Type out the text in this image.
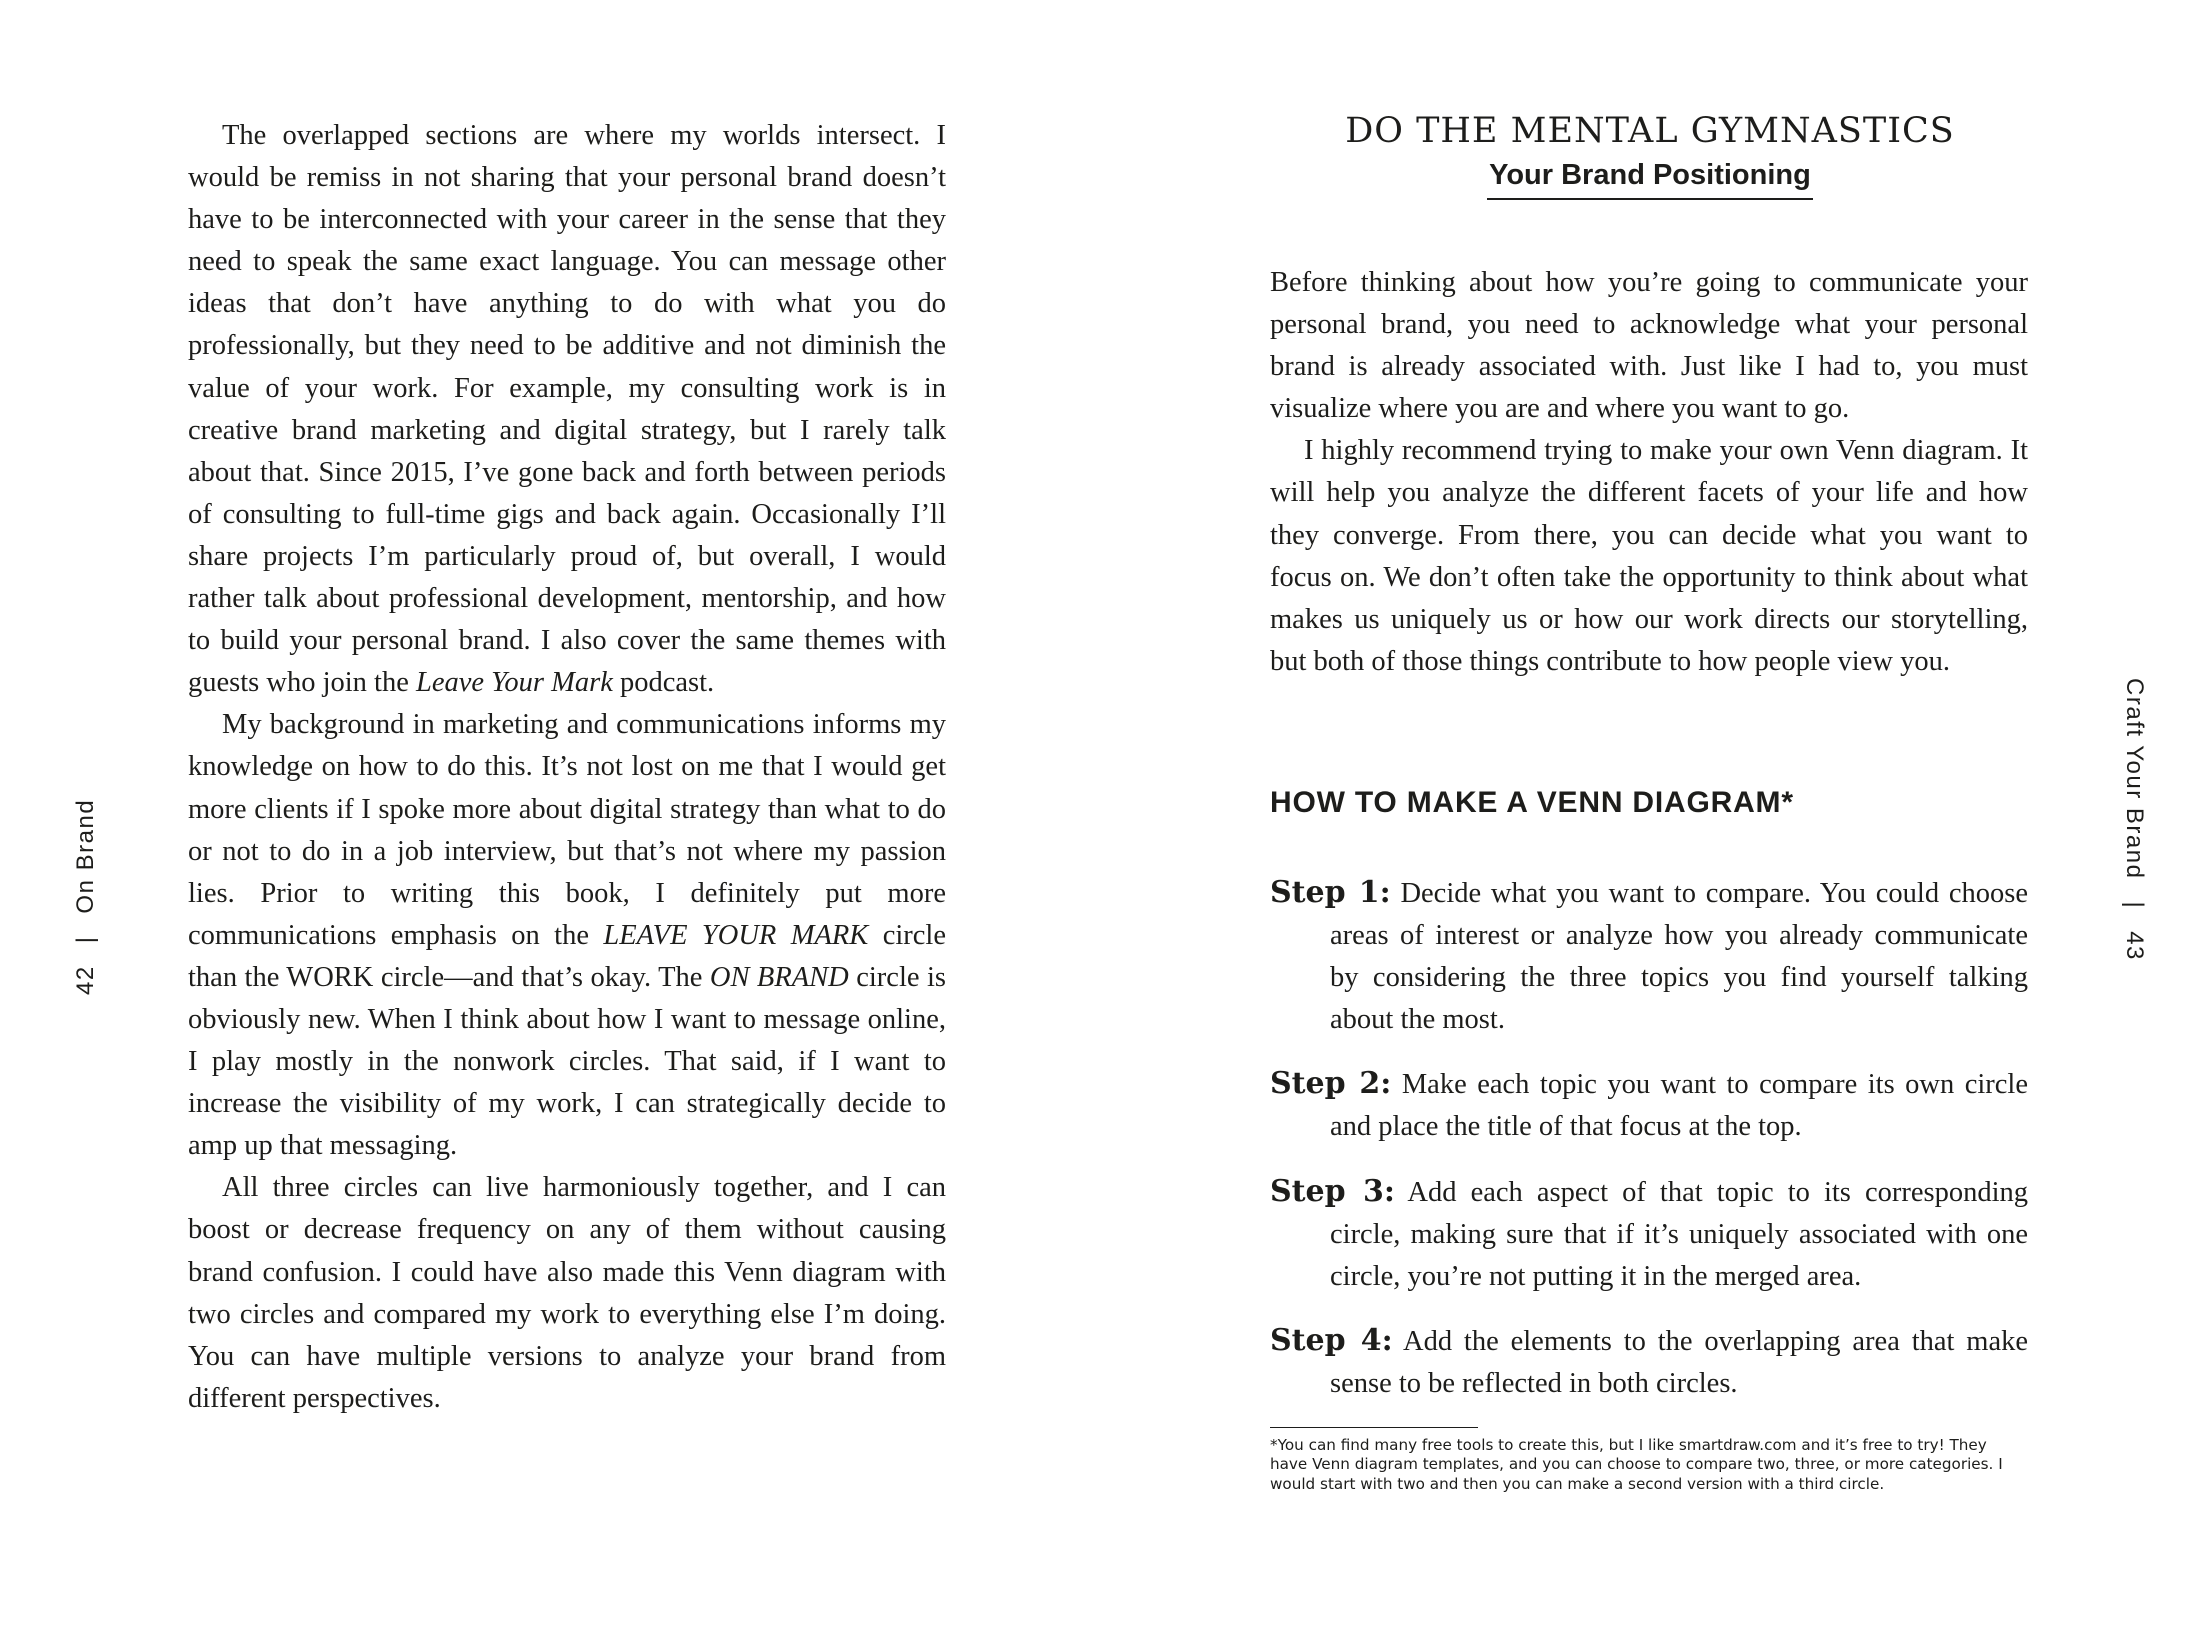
42|On Brand

The overlapped sections are where my worlds intersect. I would be remiss in not sharing that your personal brand doesn’t have to be interconnected with your career in the sense that they need to speak the same exact language. You can message other ideas that don’t have anything to do with what you do professionally, but they need to be additive and not diminish the value of your work. For example, my consulting work is in creative brand marketing and digital strategy, but I rarely talk about that. Since 2015, I’ve gone back and forth between periods of consulting to full-time gigs and back again. Occasionally I’ll share projects I’m particularly proud of, but overall, I would rather talk about professional development, mentorship, and how to build your personal brand. I also cover the same themes with guests who join the Leave Your Mark podcast.

My background in marketing and communications informs my knowledge on how to do this. It’s not lost on me that I would get more clients if I spoke more about digital strategy than what to do or not to do in a job interview, but that’s not where my passion lies. Prior to writing this book, I definitely put more communications emphasis on the LEAVE YOUR MARK circle than the WORK circle—and that’s okay. The ON BRAND circle is obviously new. When I think about how I want to message online, I play mostly in the nonwork circles. That said, if I want to increase the visibility of my work, I can strategically decide to amp up that messaging.

All three circles can live harmoniously together, and I can boost or decrease frequency on any of them without causing brand confusion. I could have also made this Venn diagram with two circles and compared my work to everything else I’m doing. You can have multiple versions to analyze your brand from different perspectives.

DO THE MENTAL GYMNASTICS
Your Brand Positioning

Before thinking about how you’re going to communicate your personal brand, you need to acknowledge what your personal brand is already associated with. Just like I had to, you must visualize where you are and where you want to go.

I highly recommend trying to make your own Venn diagram. It will help you analyze the different facets of your life and how they converge. From there, you can decide what you want to focus on. We don’t often take the opportunity to think about what makes us uniquely us or how our work directs our storytelling, but both of those things contribute to how people view you.

HOW TO MAKE A VENN DIAGRAM*

Step 1: Decide what you want to compare. You could choose areas of interest or analyze how you already communicate by considering the three topics you find yourself talking about the most.

Step 2: Make each topic you want to compare its own circle and place the title of that focus at the top.

Step 3: Add each aspect of that topic to its corresponding circle, making sure that if it’s uniquely associated with one circle, you’re not putting it in the merged area.

Step 4: Add the elements to the overlapping area that make sense to be reflected in both circles.

*You can find many free tools to create this, but I like smartdraw.com and it’s free to try! They have Venn diagram templates, and you can choose to compare two, three, or more categories. I would start with two and then you can make a second version with a third circle.

Craft Your Brand|43
